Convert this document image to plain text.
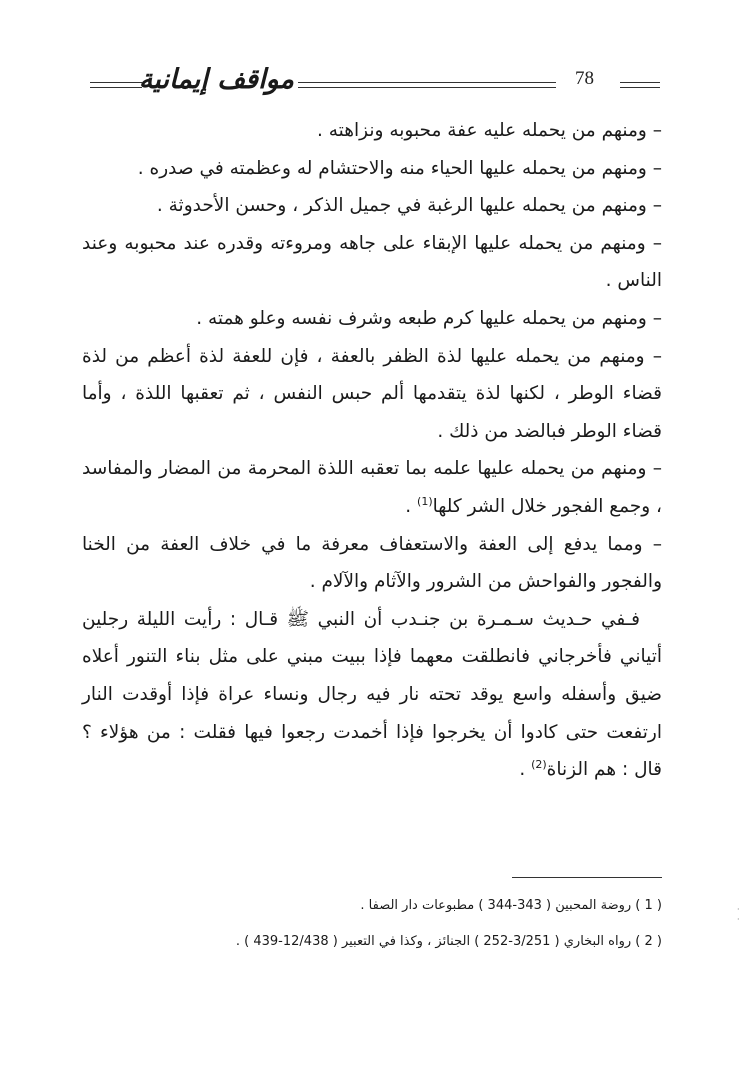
مواقف إيمانية	78

– ومنهم من يحمله عليه عفة محبوبه ونزاهته .

– ومنهم من يحمله عليها الحياء منه والاحتشام له وعظمته في صدره .

– ومنهم من يحمله عليها الرغبة في جميل الذكر ، وحسن الأحدوثة .

– ومنهم من يحمله عليها الإبقاء على جاهه ومروءته وقدره عند محبوبه وعند الناس .

– ومنهم من يحمله عليها كرم طبعه وشرف نفسه وعلو همته .

– ومنهم من يحمله عليها لذة الظفر بالعفة ، فإن للعفة لذة أعظم من لذة قضاء الوطر ، لكنها لذة يتقدمها ألم حبس النفس ، ثم تعقبها اللذة ، وأما قضاء الوطر فبالضد من ذلك .

– ومنهم من يحمله عليها علمه بما تعقبه اللذة المحرمة من المضار والمفاسد ، وجمع الفجور خلال الشر كلها$^{(1)}$ .

– ومما يدفع إلى العفة والاستعفاف معرفة ما في خلاف العفة من الخنا والفجور والفواحش من الشرور والآثام والآلام .

فـفي حـديث سـمـرة بن جنـدب أن النبي ﷺ قـال : رأيت الليلة رجلين أتياني فأخرجاني فانطلقت معهما فإذا ببيت مبني على مثل بناء التنور أعلاه ضيق وأسفله واسع يوقد تحته نار فيه رجال ونساء عراة فإذا أوقدت النار ارتفعت حتى كادوا أن يخرجوا فإذا أخمدت رجعوا فيها فقلت : من هؤلاء ؟ قال : هم الزناة$^{(2)}$ .

( 1 ) روضة المحبين ( 343-344 ) مطبوعات دار الصفا .

( 2 ) رواه البخاري ( 3/251-252 ) الجنائز ، وكذا في التعبير ( 12/438-439 ) .

·
·
